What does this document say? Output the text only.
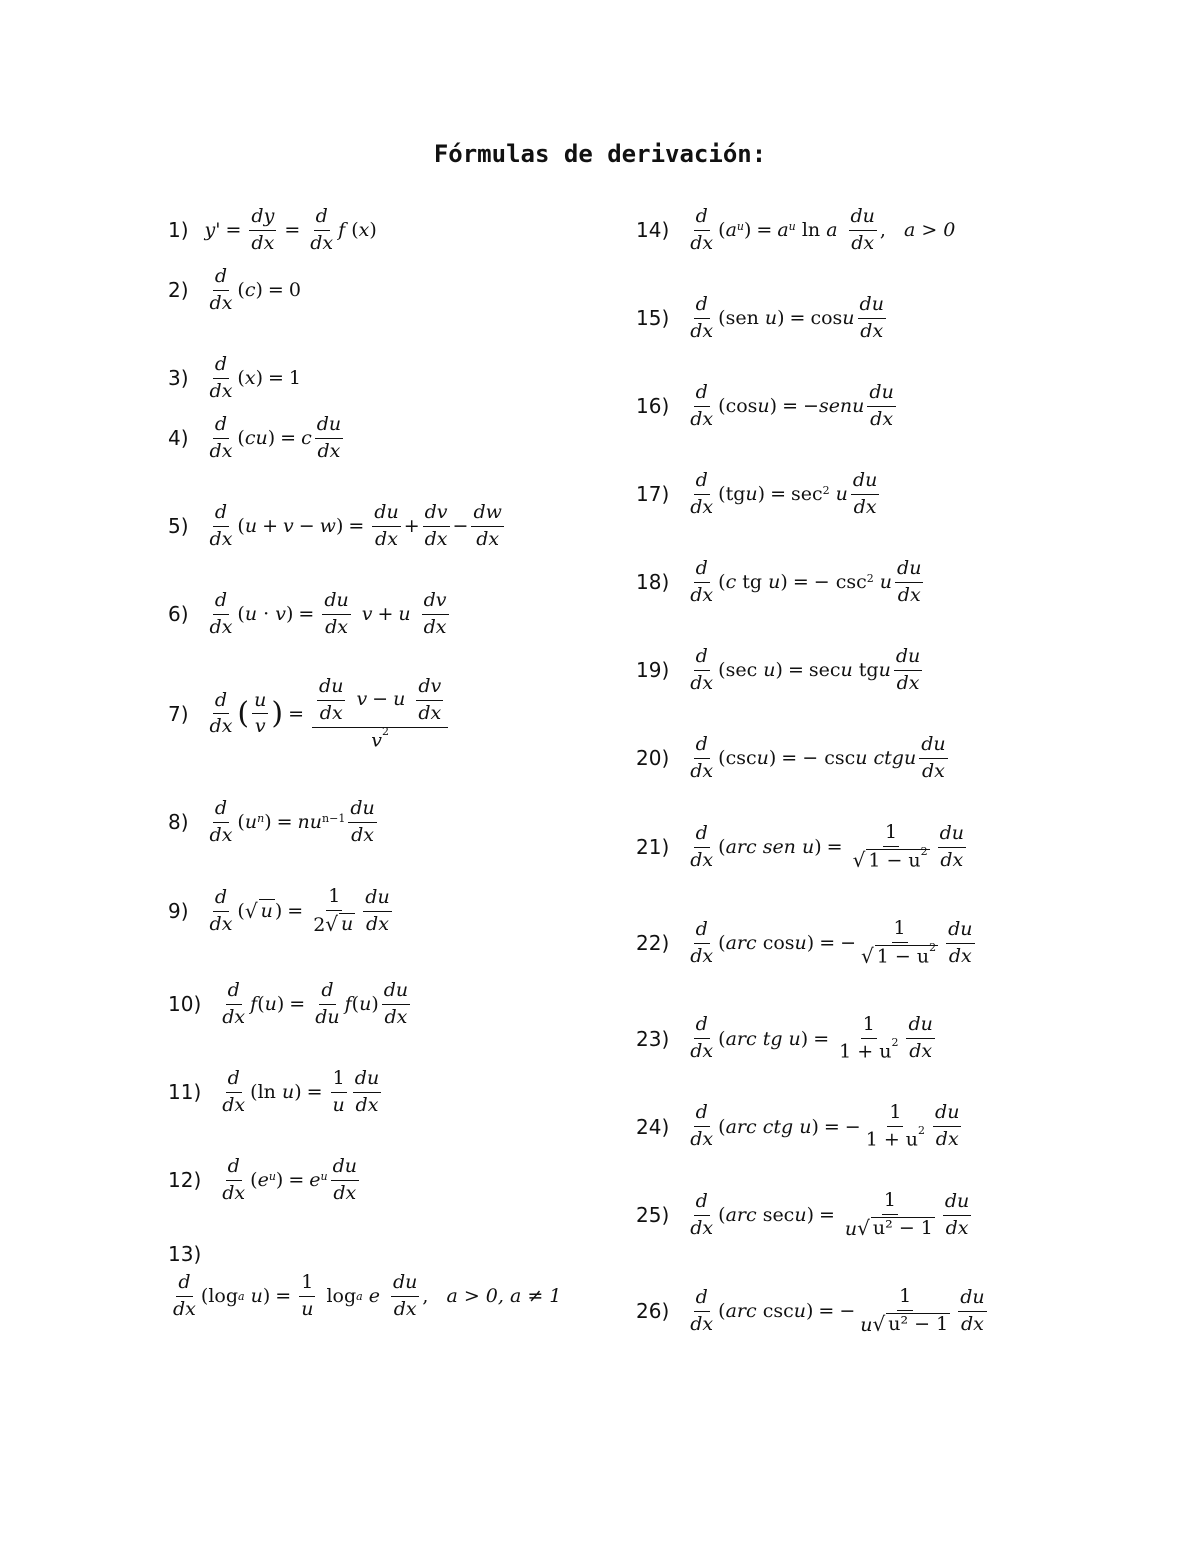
Fórmulas de derivación:
1) y ' = $\frac{dy}{dx} = \frac{d}{dx}$ f ( x )
$2) \frac{d}{dx}$ ( c ) = 0
$3) \frac{d}{dx}$ ( x ) = 1
$4) \frac{d}{dx}$ ( c u ) = c $\frac{du}{dx}$
$5) \frac{d}{dx}$ ( u + v − w ) = $\frac{du}{dx} + \frac{dv}{dx} - \frac{dw}{dx}$
$6) \frac{d}{dx}$ ( u
·
v ) = $\frac{du}{dx}$ v + u $\frac{dv}{dx}$
$7) \frac{d}{dx}$ ( $\frac{u}{v}$ ) = $\frac{\frac{du}{dx} v - u \frac{dv}{dx}}{v^2}$
$8) \frac{d}{dx}$ ( u $^n$ ) = n $u^{n-1} \frac{du}{dx}$
$9) \frac{d}{dx}$ ( √ u ) = $\frac{1}{2 √ u} \frac{du}{dx}$
$10) \frac{d}{dx}$ f ( u ) = $\frac{d}{du}$ f ( u ) $\frac{du}{dx}$
$11) \frac{d}{dx}$ ( ln
u ) = $\frac{1}{u} \frac{du}{dx}$
$12) \frac{d}{dx}$ ( e $^u$ ) = e $^u \frac{du}{dx}$
13)
$\frac{d}{dx}$ ( log a
u ) = $\frac{1}{u}$ log a
e $\frac{du}{dx}$ , a > 0, a ≠ 1
$14) \frac{d}{dx}$ ( a $^u$ ) = a $^u$
ln
a $\frac{du}{dx}$ , a > 0
$15) \frac{d}{dx}$ ( sen
u ) = cos u $\frac{du}{dx}$
$16) \frac{d}{dx}$ ( cos u ) = − senu $\frac{du}{dx}$
$17) \frac{d}{dx}$ ( tg u ) = $\sec^2$
u $\frac{du}{dx}$
$18) \frac{d}{dx}$ ( c
tg
u ) = −
$\csc^2$
u $\frac{du}{dx}$
$19) \frac{d}{dx}$ ( sec
u ) = sec u
tg u $\frac{du}{dx}$
$20) \frac{d}{dx}$ ( csc u ) = −
csc u
ctg u $\frac{du}{dx}$
$21) \frac{d}{dx}$ ( arc
sen
u ) = $\frac{1}{√ 1 - u^2} \frac{du}{dx}$
$22) \frac{d}{dx}$ ( arc
cos u ) = − $\frac{1}{√ 1 - u^2} \frac{du}{dx}$
$23) \frac{d}{dx}$ ( arc
tg
u ) = $\frac{1}{1 + u^2} \frac{du}{dx}$
$24) \frac{d}{dx}$ ( arc
ctg
u ) = − $\frac{1}{1 + u^2} \frac{du}{dx}$
$25) \frac{d}{dx}$ ( arc
sec u ) = $\frac{1}{\text{u √ u² − 1}} \frac{du}{dx}$
$26) \frac{d}{dx}$ ( arc
csc u ) = − $\frac{1}{\text{u √ u² − 1}} \frac{du}{dx}$
